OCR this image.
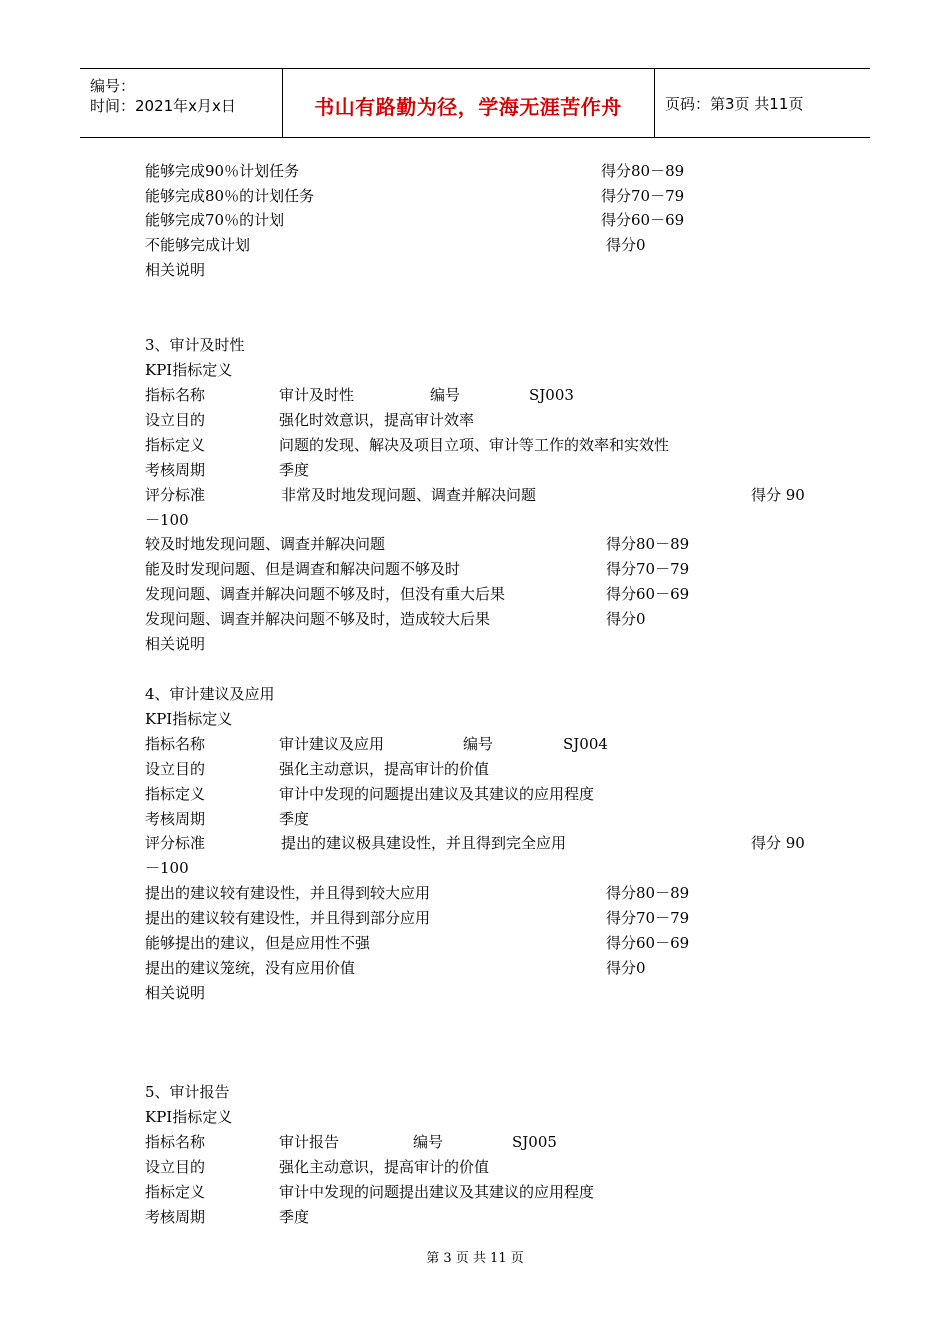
编号：
时间：2021年x月x日	书山有路勤为径，学海无涯苦作舟	页码：第3页 共11页
能够完成90％计划任务	得分80－89
能够完成80％的计划任务	得分70－79
能够完成70％的计划	得分60－69
不能够完成计划	得分0
相关说明
3、审计及时性
KPI指标定义
指标名称	审计及时性	编号	SJ003
设立目的	强化时效意识，提高审计效率
指标定义	问题的发现、解决及项目立项、审计等工作的效率和实效性
考核周期	季度
评分标准	非常及时地发现问题、调查并解决问题	得分 90
－100
较及时地发现问题、调查并解决问题	得分80－89
能及时发现问题、但是调查和解决问题不够及时	得分70－79
发现问题、调查并解决问题不够及时，但没有重大后果	得分60－69
发现问题、调查并解决问题不够及时，造成较大后果	得分0
相关说明
4、审计建议及应用
KPI指标定义
指标名称	审计建议及应用	编号	SJ004
设立目的	强化主动意识，提高审计的价值
指标定义	审计中发现的问题提出建议及其建议的应用程度
考核周期	季度
评分标准	提出的建议极具建设性，并且得到完全应用	得分 90
－100
提出的建议较有建设性，并且得到较大应用	得分80－89
提出的建议较有建设性，并且得到部分应用	得分70－79
能够提出的建议，但是应用性不强	得分60－69
提出的建议笼统，没有应用价值	得分0
相关说明
5、审计报告
KPI指标定义
指标名称	审计报告	编号	SJ005
设立目的	强化主动意识，提高审计的价值
指标定义	审计中发现的问题提出建议及其建议的应用程度
考核周期	季度
第 3 页 共 11 页
